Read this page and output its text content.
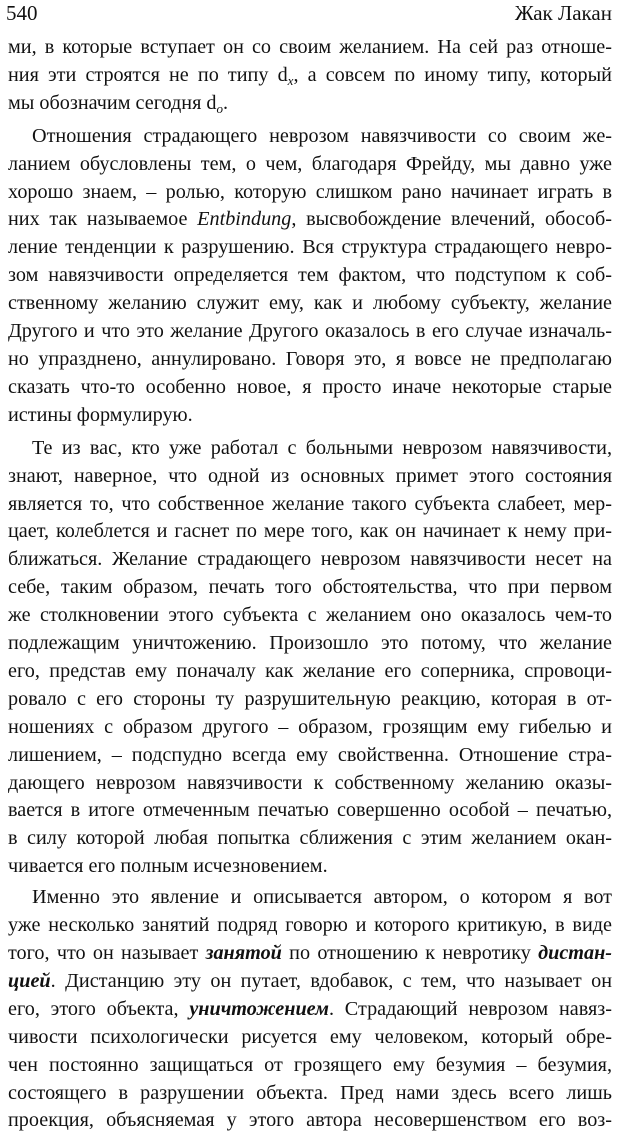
540	Жак Лакан
ми, в которые вступает он со своим желанием. На сей раз отноше-
ния эти строятся не по типу $d_x$, а совсем по иному типу, который
мы обозначим сегодня $d_o$.
Отношения страдающего неврозом навязчивости со своим же-
ланием обусловлены тем, о чем, благодаря Фрейду, мы давно уже
хорошо знаем, – ролью, которую слишком рано начинает играть в
них так называемое Entbindung, высвобождение влечений, обособ-
ление тенденции к разрушению. Вся структура страдающего невро-
зом навязчивости определяется тем фактом, что подступом к соб-
ственному желанию служит ему, как и любому субъекту, желание
Другого и что это желание Другого оказалось в его случае изначаль-
но упразднено, аннулировано. Говоря это, я вовсе не предполагаю
сказать что-то особенно новое, я просто иначе некоторые старые
истины формулирую.
Те из вас, кто уже работал с больными неврозом навязчивости,
знают, наверное, что одной из основных примет этого состояния
является то, что собственное желание такого субъекта слабеет, мер-
цает, колеблется и гаснет по мере того, как он начинает к нему при-
ближаться. Желание страдающего неврозом навязчивости несет на
себе, таким образом, печать того обстоятельства, что при первом
же столкновении этого субъекта с желанием оно оказалось чем-то
подлежащим уничтожению. Произошло это потому, что желание
его, представ ему поначалу как желание его соперника, спровоци-
ровало с его стороны ту разрушительную реакцию, которая в от-
ношениях с образом другого – образом, грозящим ему гибелью и
лишением, – подспудно всегда ему свойственна. Отношение стра-
дающего неврозом навязчивости к собственному желанию оказы-
вается в итоге отмеченным печатью совершенно особой – печатью,
в силу которой любая попытка сближения с этим желанием окан-
чивается его полным исчезновением.
Именно это явление и описывается автором, о котором я вот
уже несколько занятий подряд говорю и которого критикую, в виде
того, что он называет занятой по отношению к невротику дистан-
цией. Дистанцию эту он путает, вдобавок, с тем, что называет он
его, этого объекта, уничтожением. Страдающий неврозом навяз-
чивости психологически рисуется ему человеком, который обре-
чен постоянно защищаться от грозящего ему безумия – безумия,
состоящего в разрушении объекта. Пред нами здесь всего лишь
проекция, объясняемая у этого автора несовершенством его воз-
